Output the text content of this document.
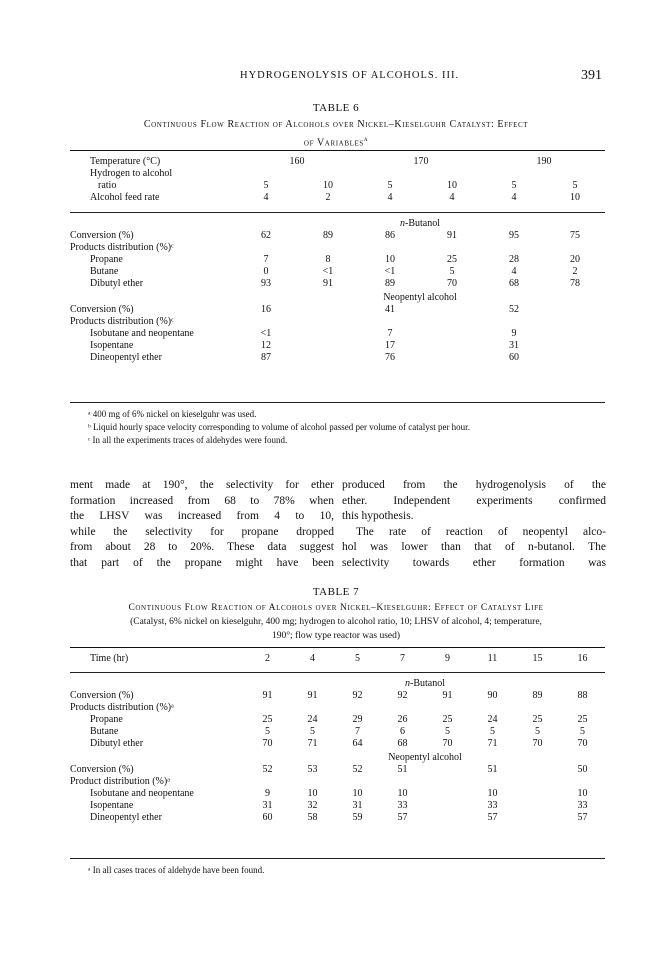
HYDROGENOLYSIS OF ALCOHOLS. III.	391
TABLE 6
Continuous Flow Reaction of Alcohols over Nickel–Kieselguhr Catalyst: Effect
of Variables$^a$
Temperature (°C)	160		170		190	
Hydrogen to alcohol						
ratio	5	10	5	10	5	5
Alcohol feed rate	4	2	4	4	4	10
	n-Butanol					
Conversion (%)	62	89	86	91	95	75
Products distribution (%)ᶜ						
Propane	7	8	10	25	28	20
Butane	0	<1	<1	5	4	2
Dibutyl ether	93	91	89	70	68	78
	Neopentyl alcohol					
Conversion (%)	16		41		52	
Products distribution (%)ᶜ						
Isobutane and neopentane	<1		7		9	
Isopentane	12		17		31	
Dineopentyl ether	87		76		60	
ᵃ 400 mg of 6% nickel on kieselguhr was used.
ᵇ Liquid hourly space velocity corresponding to volume of alcohol passed per volume of catalyst per hour.
ᶜ In all the experiments traces of aldehydes were found.
ment made at 190°, the selectivity for ether
formation increased from 68 to 78% when
the LHSV was increased from 4 to 10,
while the selectivity for propane dropped
from about 28 to 20%. These data suggest
that part of the propane might have been
produced from the hydrogenolysis of the
ether. Independent experiments confirmed
this hypothesis.
The rate of reaction of neopentyl alco-
hol was lower than that of n-butanol. The
selectivity towards ether formation was
TABLE 7
Continuous Flow Reaction of Alcohols over Nickel–Kieselguhr: Effect of Catalyst Life
(Catalyst, 6% nickel on kieselguhr, 400 mg; hydrogen to alcohol ratio, 10; LHSV of alcohol, 4; temperature,
190°; flow type reactor was used)
Time (hr)	2	4	5	7	9	11	15	16
	n-Butanol							
Conversion (%)	91	91	92	92	91	90	89	88
Products distribution (%)ᵃ								
Propane	25	24	29	26	25	24	25	25
Butane	5	5	7	6	5	5	5	5
Dibutyl ether	70	71	64	68	70	71	70	70
	Neopentyl alcohol							
Conversion (%)	52	53	52	51		51		50
Product distribution (%)ᵃ								
Isobutane and neopentane	9	10	10	10		10		10
Isopentane	31	32	31	33		33		33
Dineopentyl ether	60	58	59	57		57		57
ᵃ In all cases traces of aldehyde have been found.
